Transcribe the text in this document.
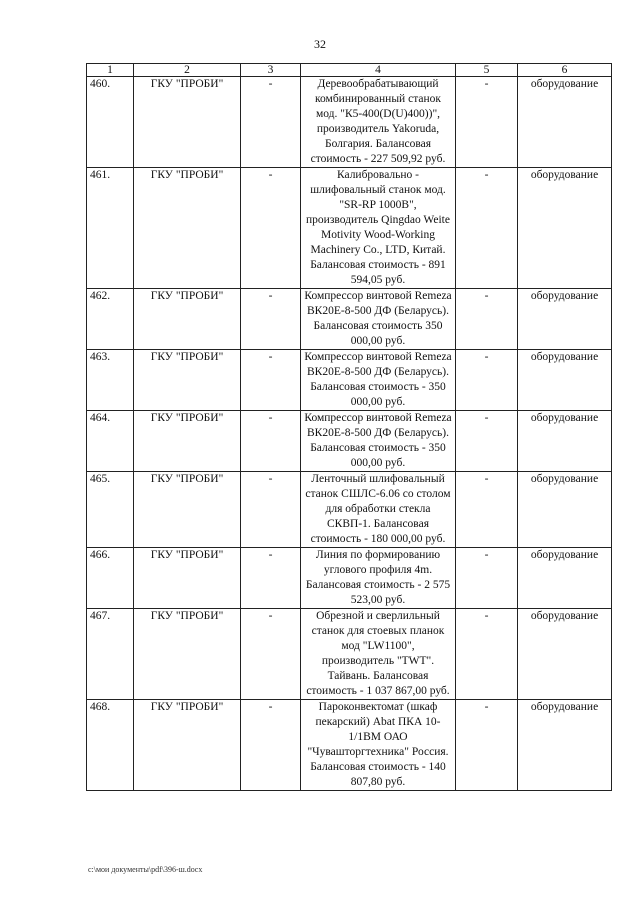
32
1	2	3	4	5	6
460.	ГКУ "ПРОБИ"	-	Деревообрабатывающий комбинированный станок мод. "К5-400(D(U)400))", производитель Yakoruda, Болгария. Балансовая стоимость - 227 509,92 руб.	-	оборудование
461.	ГКУ "ПРОБИ"	-	Калибровально - шлифовальный станок мод. "SR-RP 1000B", производитель Qingdao Weite Motivity Wood-Working Machinery Co., LTD, Китай. Балансовая стоимость - 891 594,05 руб.	-	оборудование
462.	ГКУ "ПРОБИ"	-	Компрессор винтовой Remeza ВК20Е-8-500 ДФ (Беларусь). Балансовая стоимость 350 000,00 руб.	-	оборудование
463.	ГКУ "ПРОБИ"	-	Компрессор винтовой Remeza ВК20Е-8-500 ДФ (Беларусь). Балансовая стоимость - 350 000,00 руб.	-	оборудование
464.	ГКУ "ПРОБИ"	-	Компрессор винтовой Remeza ВК20Е-8-500 ДФ (Беларусь). Балансовая стоимость - 350 000,00 руб.	-	оборудование
465.	ГКУ "ПРОБИ"	-	Ленточный шлифовальный станок СШЛС-6.06 со столом для обработки стекла СКВП-1. Балансовая стоимость - 180 000,00 руб.	-	оборудование
466.	ГКУ "ПРОБИ"	-	Линия по формированию углового профиля 4m. Балансовая стоимость - 2 575 523,00 руб.	-	оборудование
467.	ГКУ "ПРОБИ"	-	Обрезной и сверлильный станок для стоевых планок мод "LW1100", производитель "TWT". Тайвань. Балансовая стоимость - 1 037 867,00 руб.	-	оборудование
468.	ГКУ "ПРОБИ"	-	Пароконвектомат (шкаф пекарский) Abat ПКА 10-1/1ВМ ОАО "Чувашторгтехника" Россия. Балансовая стоимость - 140 807,80 руб.	-	оборудование
c:\мои документы\pdf\396-ш.docx
